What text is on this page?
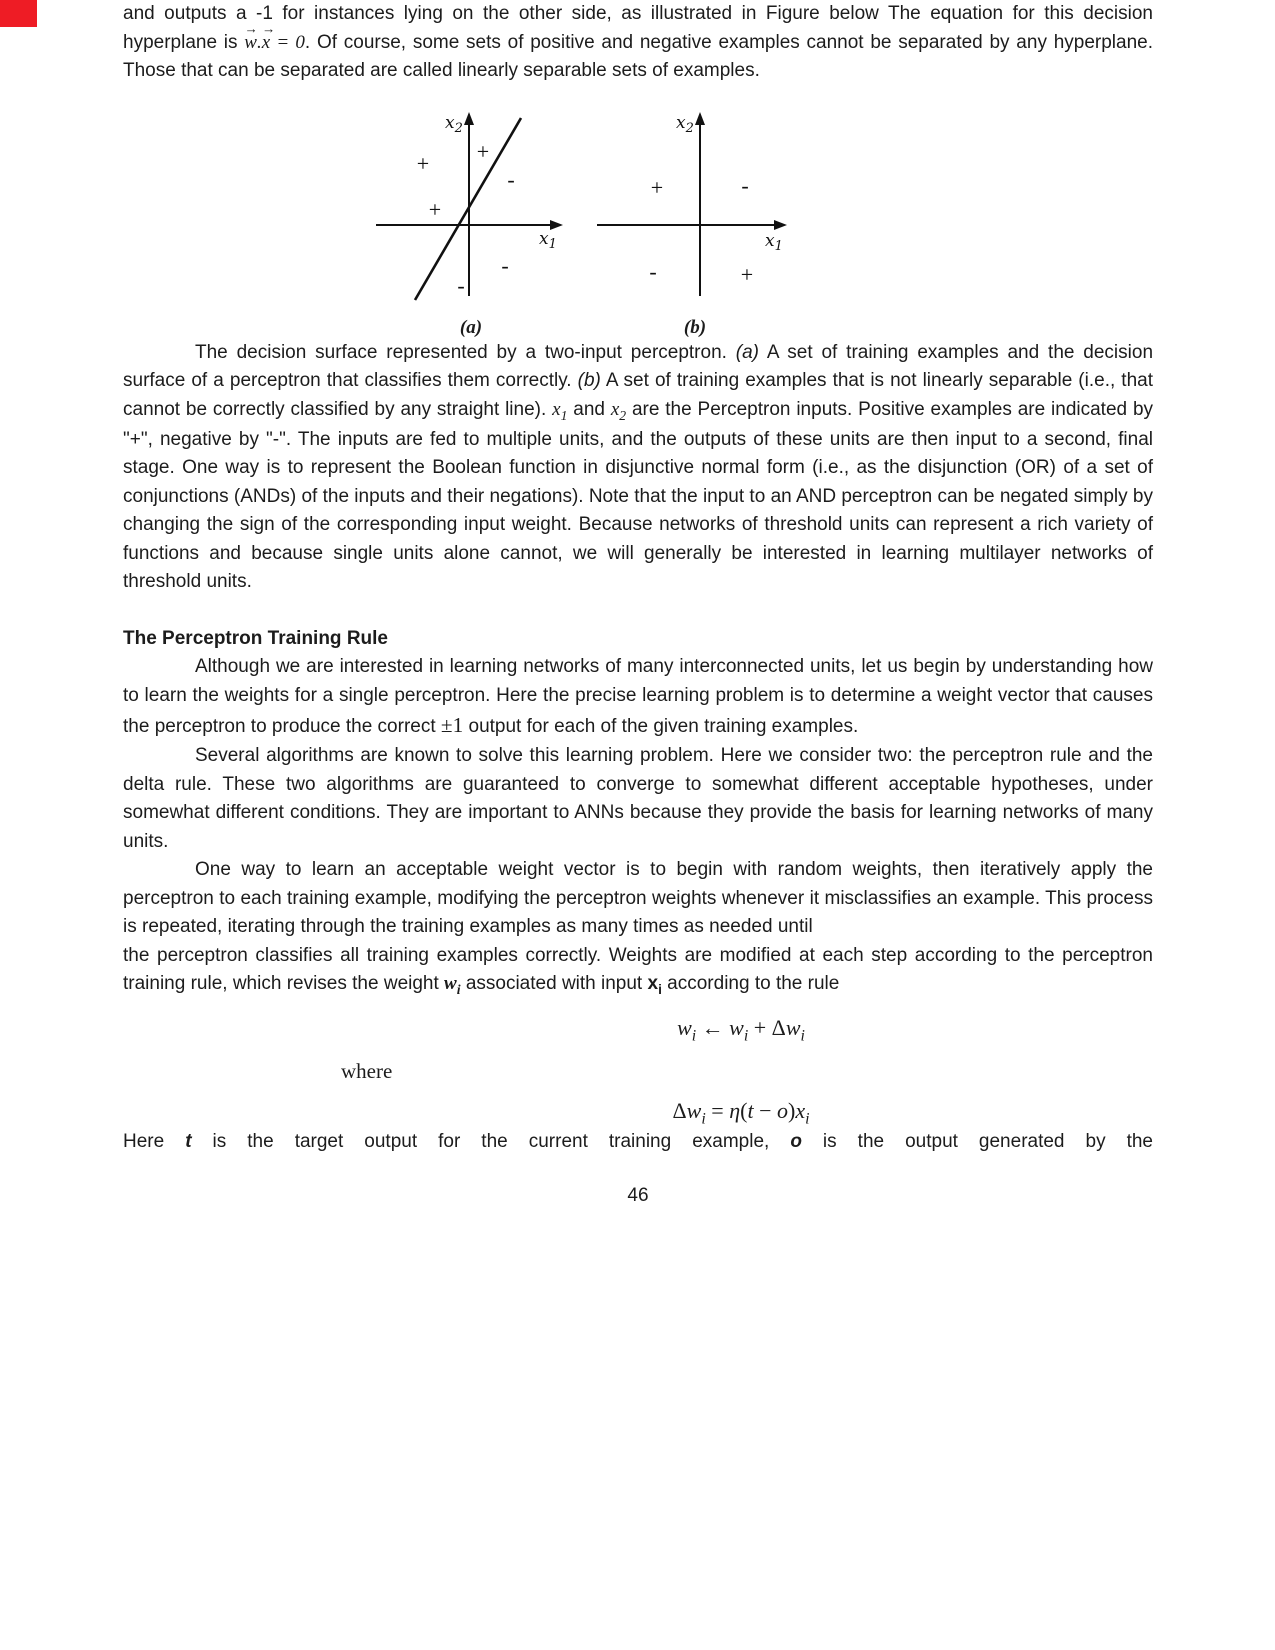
and outputs a -1 for instances lying on the other side, as illustrated in Figure below The equation for this decision hyperplane is w
→
.x
→
= 0. Of course, some sets of positive and negative examples cannot be separated by any hyperplane. Those that can be separated are called linearly separable sets of examples.

$x_2$
$x_1$
+ +
+
-
-
-
(a)
$x_2$
$x_1$
+	-
-	+
(b)

The decision surface represented by a two-input perceptron. (a) A set of training examples and the decision surface of a perceptron that classifies them correctly. (b) A set of training examples that is not linearly separable (i.e., that cannot be correctly classified by any straight line). $x_1$ and $x_2$ are the Perceptron inputs. Positive examples are indicated by "+", negative by "-". The inputs are fed to multiple units, and the outputs of these units are then input to a second, final stage. One way is to represent the Boolean function in disjunctive normal form (i.e., as the disjunction (OR) of a set of conjunctions (ANDs) of the inputs and their negations). Note that the input to an AND perceptron can be negated simply by changing the sign of the corresponding input weight. Because networks of threshold units can represent a rich variety of functions and because single units alone cannot, we will generally be interested in learning multilayer networks of threshold units.

The Perceptron Training Rule

Although we are interested in learning networks of many interconnected units, let us begin by understanding how to learn the weights for a single perceptron. Here the precise learning problem is to determine a weight vector that causes the perceptron to produce the correct ±1 output for each of the given training examples.

Several algorithms are known to solve this learning problem. Here we consider two: the perceptron rule and the delta rule. These two algorithms are guaranteed to converge to somewhat different acceptable hypotheses, under somewhat different conditions. They are important to ANNs because they provide the basis for learning networks of many units.

One way to learn an acceptable weight vector is to begin with random weights, then iteratively apply the perceptron to each training example, modifying the perceptron weights whenever it misclassifies an example. This process is repeated, iterating through the training examples as many times as needed until

the perceptron classifies all training examples correctly. Weights are modified at each step according to the perceptron training rule, which revises the weight $w_i$ associated with input $x_i$ according to the rule

$w_i$ ← $w_i + \Delta w_i$
where
$\Delta w_i = \eta(t - o)x_i$

Here t is the target output for the current training example, o is the output generated by the

46
